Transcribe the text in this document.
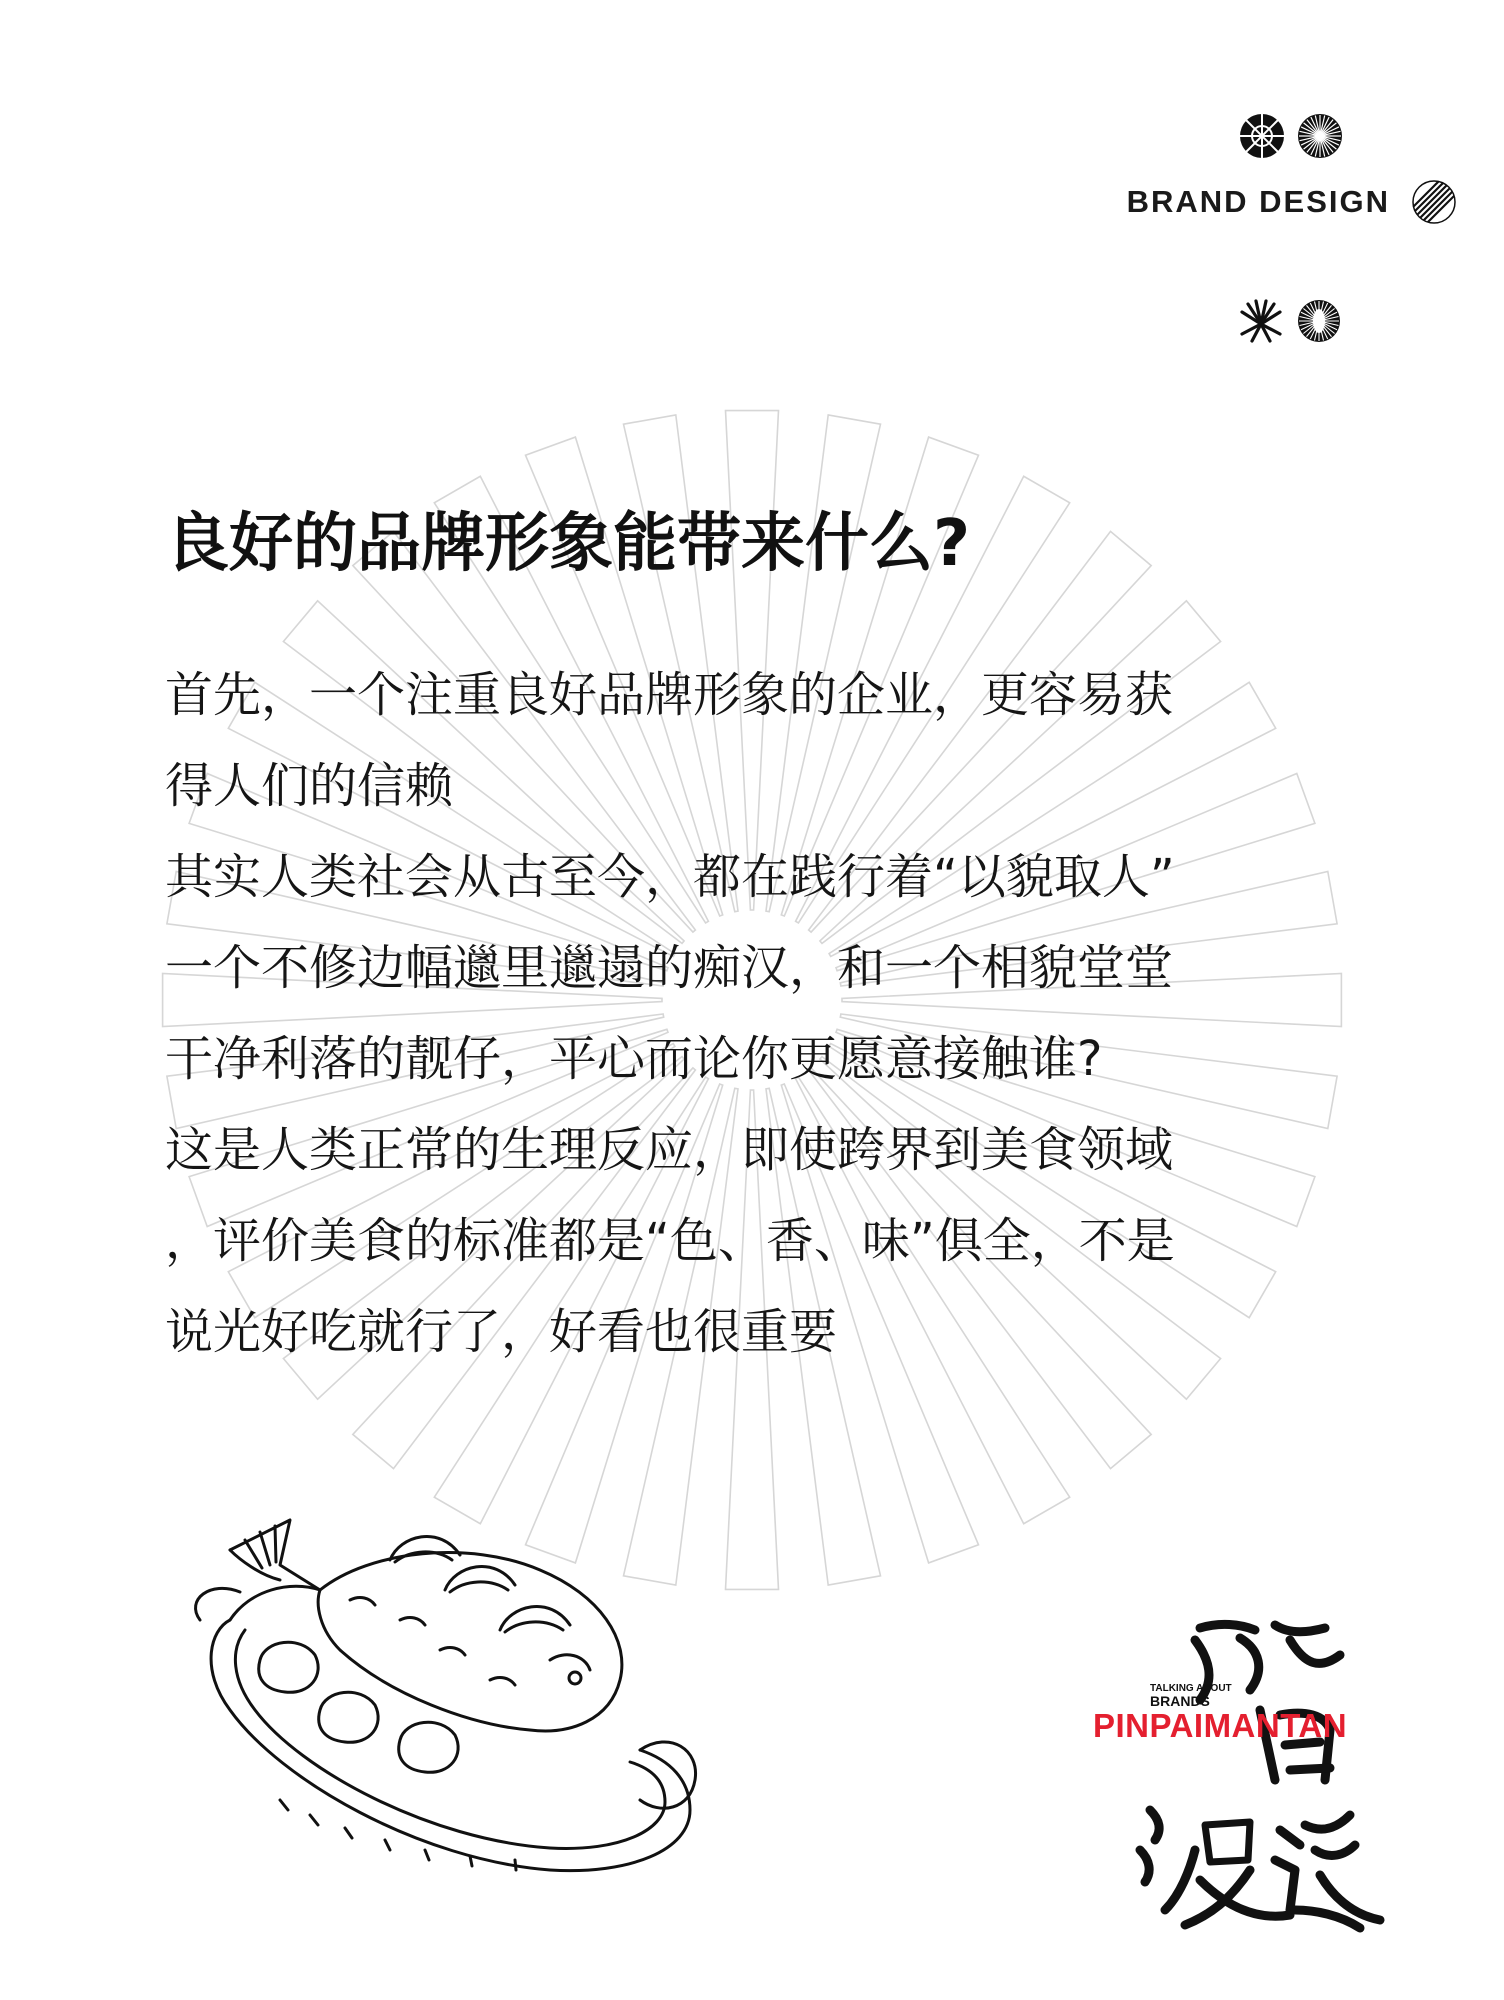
BRAND DESIGN
良好的品牌形象能带来什么?
首先，一个注重良好品牌形象的企业，更容易获
得人们的信赖
其实人类社会从古至今，都在践行着“以貌取人”
一个不修边幅邋里邋遢的痴汉，和一个相貌堂堂
干净利落的靓仔，平心而论你更愿意接触谁?
这是人类正常的生理反应，即使跨界到美食领域
，评价美食的标准都是“色、香、味”俱全，不是
说光好吃就行了，好看也很重要
TALKING ABOUT
BRANDS
PINPAIMANTAN
